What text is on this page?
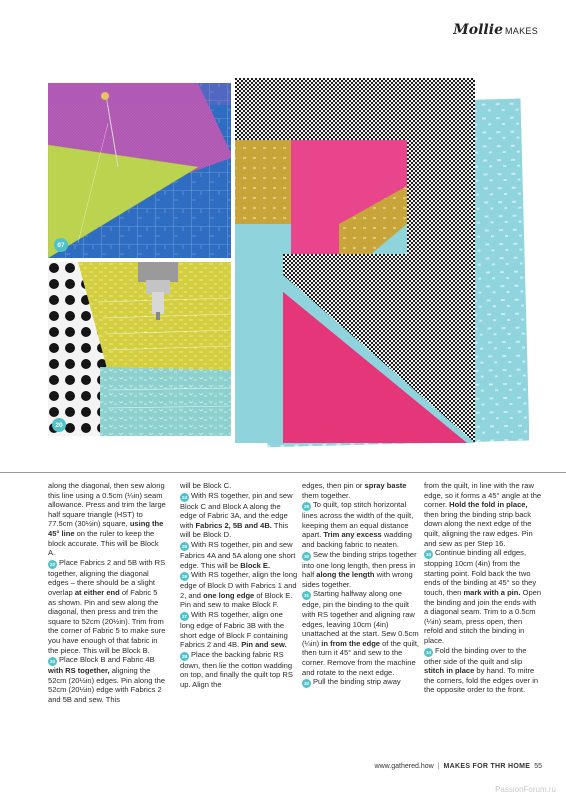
Mollie MAKES
07
20

along the diagonal, then sew along this line using a 0.5cm (¼in) seam allowance. Press and trim the large half square triangle (HST) to 77.5cm (30½in) square, using the 45° line on the ruler to keep the block accurate. This will be Block A.

22 Place Fabrics 2 and 5B with RS together, aligning the diagonal edges – there should be a slight overlap at either end of Fabric 5 as shown. Pin and sew along the diagonal, then press and trim the square to 52cm (20½in). Trim from the corner of Fabric 5 to make sure you have enough of that fabric in the piece. This will be Block B.

23 Place Block B and Fabric 4B with RS together, aligning the 52cm (20½in) edges. Pin along the 52cm (20½in) edge with Fabrics 2 and 5B and sew. This

will be Block C.

24 With RS together, pin and sew Block C and Block A along the edge of Fabric 3A, and the edge with Fabrics 2, 5B and 4B. This will be Block D.

25 With RS together, pin and sew Fabrics 4A and 5A along one short edge. This will be Block E.

26 With RS together, align the long edge of Block D with Fabrics 1 and 2, and one long edge of Block E. Pin and sew to make Block F.

27 With RS together, align one long edge of Fabric 3B with the short edge of Block F containing Fabrics 2 and 4B. Pin and sew.

28 Place the backing fabric RS down, then lie the cotton wadding on top, and finally the quilt top RS up. Align the

edges, then pin or spray baste them together.

29 To quilt, top stitch horizontal lines across the width of the quilt, keeping them an equal distance apart. Trim any excess wadding and backing fabric to neaten.

30 Sew the binding strips together into one long length, then press in half along the length with wrong sides together.

31 Starting halfway along one edge, pin the binding to the quilt with RS together and aligning raw edges, leaving 10cm (4in) unattached at the start. Sew 0.5cm (¼in) in from the edge of the quilt, then turn it 45° and sew to the corner. Remove from the machine and rotate to the next edge.

32 Pull the binding strip away

from the quilt, in line with the raw edge, so it forms a 45° angle at the corner. Hold the fold in place, then bring the binding strip back down along the next edge of the quilt, aligning the raw edges. Pin and sew as per Step 16.

33 Continue binding all edges, stopping 10cm (4in) from the starting point. Fold back the two ends of the binding at 45° so they touch, then mark with a pin. Open the binding and join the ends with a diagonal seam. Trim to a 0.5cm (¼in) seam, press open, then refold and stitch the binding in place.

34 Fold the binding over to the other side of the quilt and slip stitch in place by hand. To mitre the corners, fold the edges over in the opposite order to the front.

www.gathered.how | MAKES FOR THR HOME 55
PassionForum.ru
